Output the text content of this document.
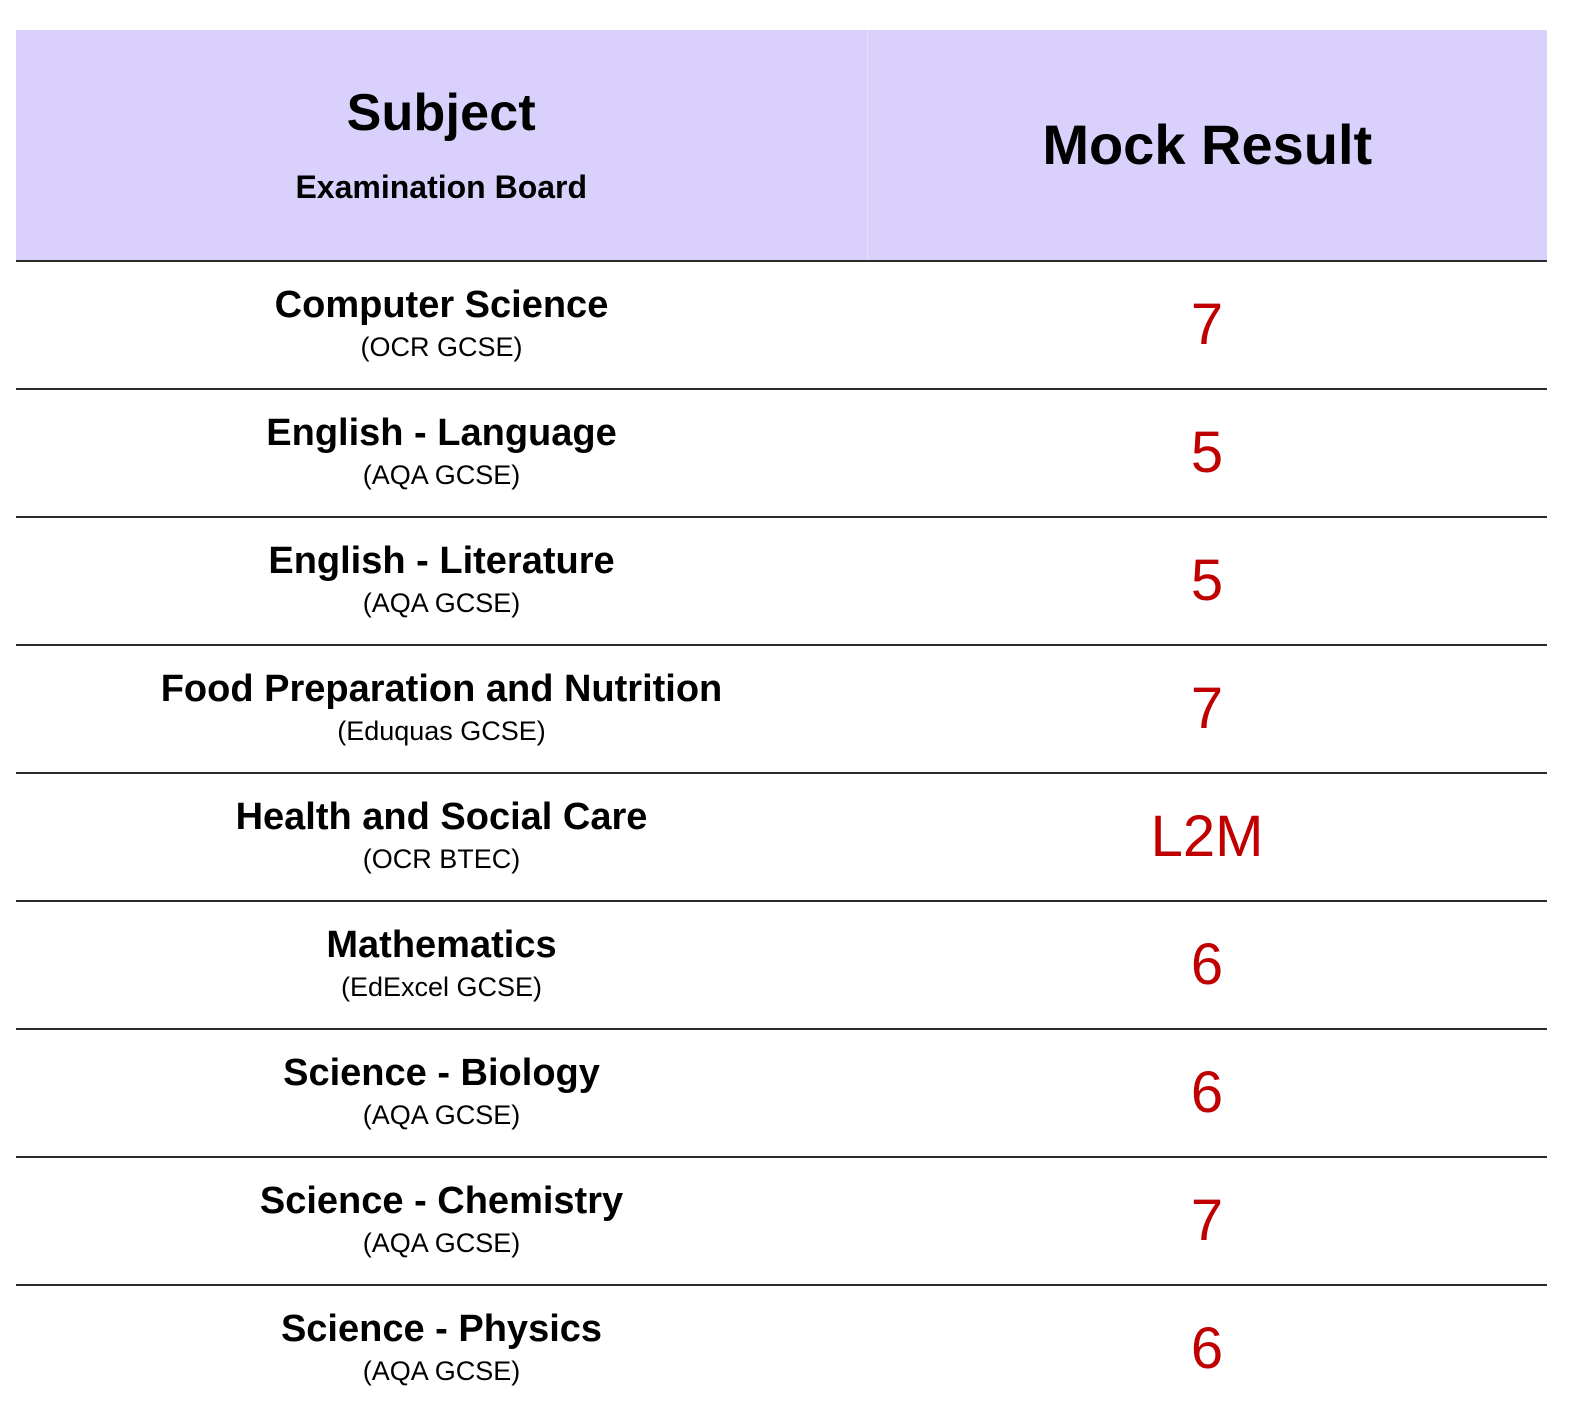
Subject
Examination Board	Mock Result

Computer Science
(OCR GCSE)	7

English - Language
(AQA GCSE)	5

English - Literature
(AQA GCSE)	5

Food Preparation and Nutrition
(Eduquas GCSE)	7

Health and Social Care
(OCR BTEC)	L2M

Mathematics
(EdExcel GCSE)	6

Science - Biology
(AQA GCSE)	6

Science - Chemistry
(AQA GCSE)	7

Science - Physics
(AQA GCSE)	6
